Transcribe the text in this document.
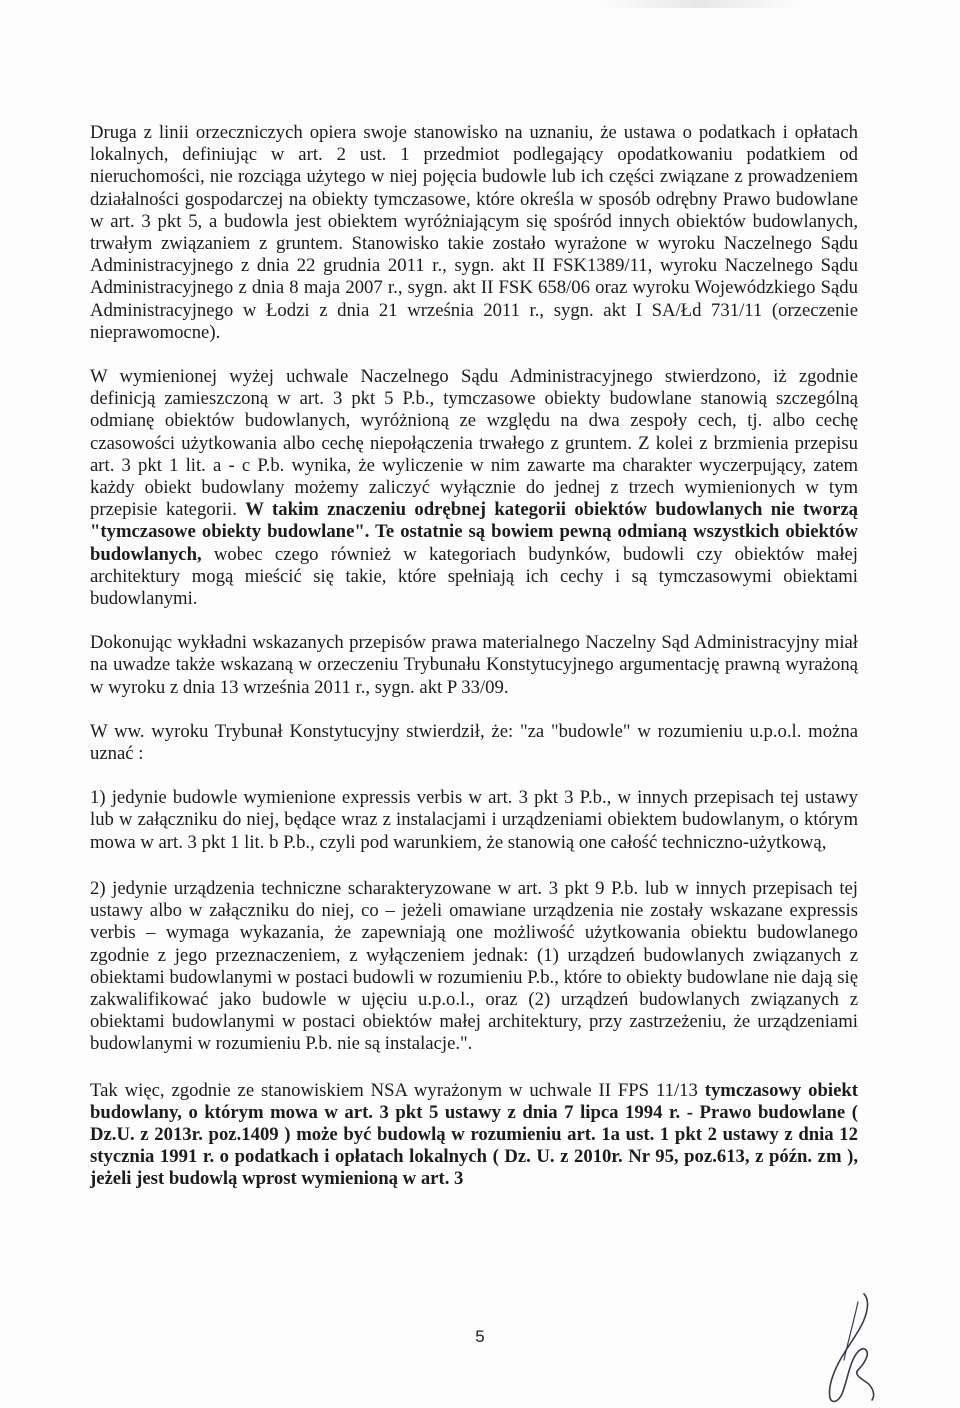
Druga z linii orzeczniczych opiera swoje stanowisko na uznaniu, że ustawa o podatkach i opłatach lokalnych, definiując w art. 2 ust. 1 przedmiot podlegający opodatkowaniu podatkiem od nieruchomości, nie rozciąga użytego w niej pojęcia budowle lub ich części związane z prowadzeniem działalności gospodarczej na obiekty tymczasowe, które określa w sposób odrębny Prawo budowlane w art. 3 pkt 5, a budowla jest obiektem wyróżniającym się spośród innych obiektów budowlanych, trwałym związaniem z gruntem. Stanowisko takie zostało wyrażone w wyroku Naczelnego Sądu Administracyjnego z dnia 22 grudnia 2011 r., sygn. akt II FSK1389/11, wyroku Naczelnego Sądu Administracyjnego z dnia 8 maja 2007 r., sygn. akt II FSK 658/06 oraz wyroku Wojewódzkiego Sądu Administracyjnego w Łodzi z dnia 21 września 2011 r., sygn. akt I SA/Łd 731/11 (orzeczenie nieprawomocne).

W wymienionej wyżej uchwale Naczelnego Sądu Administracyjnego stwierdzono, iż zgodnie definicją zamieszczoną w art. 3 pkt 5 P.b., tymczasowe obiekty budowlane stanowią szczególną odmianę obiektów budowlanych, wyróżnioną ze względu na dwa zespoły cech, tj. albo cechę czasowości użytkowania albo cechę niepołączenia trwałego z gruntem. Z kolei z brzmienia przepisu art. 3 pkt 1 lit. a - c P.b. wynika, że wyliczenie w nim zawarte ma charakter wyczerpujący, zatem każdy obiekt budowlany możemy zaliczyć wyłącznie do jednej z trzech wymienionych w tym przepisie kategorii. W takim znaczeniu odrębnej kategorii obiektów budowlanych nie tworzą "tymczasowe obiekty budowlane". Te ostatnie są bowiem pewną odmianą wszystkich obiektów budowlanych, wobec czego również w kategoriach budynków, budowli czy obiektów małej architektury mogą mieścić się takie, które spełniają ich cechy i są tymczasowymi obiektami budowlanymi.

Dokonując wykładni wskazanych przepisów prawa materialnego Naczelny Sąd Administracyjny miał na uwadze także wskazaną w orzeczeniu Trybunału Konstytucyjnego argumentację prawną wyrażoną w wyroku z dnia 13 września 2011 r., sygn. akt P 33/09.

W ww. wyroku Trybunał Konstytucyjny stwierdził, że: "za "budowle" w rozumieniu u.p.o.l. można uznać :

1) jedynie budowle wymienione expressis verbis w art. 3 pkt 3 P.b., w innych przepisach tej ustawy lub w załączniku do niej, będące wraz z instalacjami i urządzeniami obiektem budowlanym, o którym mowa w art. 3 pkt 1 lit. b P.b., czyli pod warunkiem, że stanowią one całość techniczno-użytkową,

2) jedynie urządzenia techniczne scharakteryzowane w art. 3 pkt 9 P.b. lub w innych przepisach tej ustawy albo w załączniku do niej, co – jeżeli omawiane urządzenia nie zostały wskazane expressis verbis – wymaga wykazania, że zapewniają one możliwość użytkowania obiektu budowlanego zgodnie z jego przeznaczeniem, z wyłączeniem jednak: (1) urządzeń budowlanych związanych z obiektami budowlanymi w postaci budowli w rozumieniu P.b., które to obiekty budowlane nie dają się zakwalifikować jako budowle w ujęciu u.p.o.l., oraz (2) urządzeń budowlanych związanych z obiektami budowlanymi w postaci obiektów małej architektury, przy zastrzeżeniu, że urządzeniami budowlanymi w rozumieniu P.b. nie są instalacje.".

Tak więc, zgodnie ze stanowiskiem NSA wyrażonym w uchwale II FPS 11/13 tymczasowy obiekt budowlany, o którym mowa w art. 3 pkt 5 ustawy z dnia 7 lipca 1994 r. - Prawo budowlane ( Dz.U. z 2013r. poz.1409 ) może być budowlą w rozumieniu art. 1a ust. 1 pkt 2 ustawy z dnia 12 stycznia 1991 r. o podatkach i opłatach lokalnych ( Dz. U. z 2010r. Nr 95, poz.613, z późn. zm ), jeżeli jest budowlą wprost wymienioną w art. 3

5
